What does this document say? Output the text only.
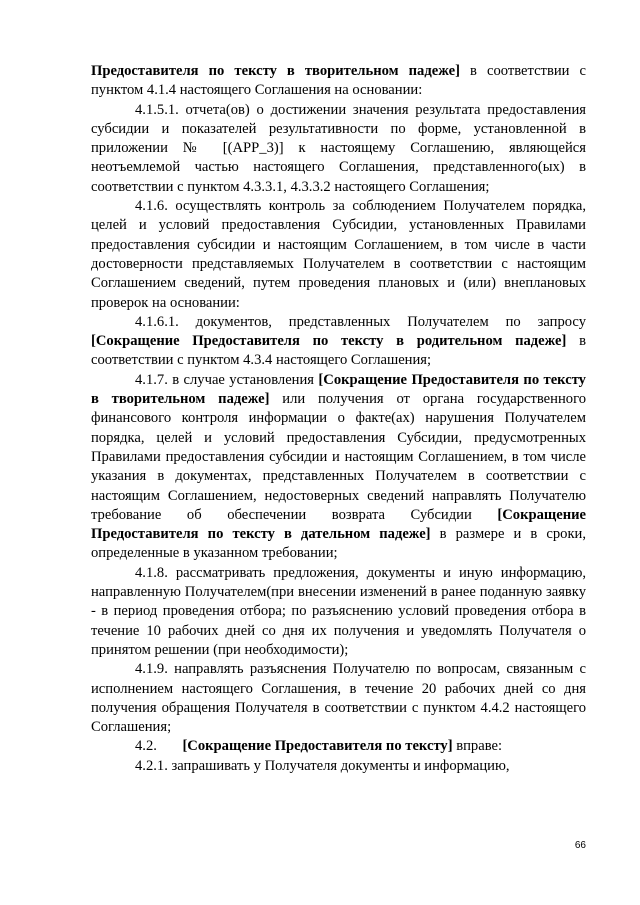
Предоставителя по тексту в творительном падеже] в соответствии с пунктом 4.1.4 настоящего Соглашения на основании:

4.1.5.1. отчета(ов) о достижении значения результата предоставления субсидии и показателей результативности по форме, установленной в приложении № [(APP_3)] к настоящему Соглашению, являющейся неотъемлемой частью настоящего Соглашения, представленного(ых) в соответствии с пунктом 4.3.3.1, 4.3.3.2 настоящего Соглашения;

4.1.6. осуществлять контроль за соблюдением Получателем порядка, целей и условий предоставления Субсидии, установленных Правилами предоставления субсидии и настоящим Соглашением, в том числе в части достоверности представляемых Получателем в соответствии с настоящим Соглашением сведений, путем проведения плановых и (или) внеплановых проверок на основании:

4.1.6.1. документов, представленных Получателем по запросу [Сокращение Предоставителя по тексту в родительном падеже] в соответствии с пунктом 4.3.4 настоящего Соглашения;

4.1.7. в случае установления [Сокращение Предоставителя по тексту в творительном падеже] или получения от органа государственного финансового контроля информации о факте(ах) нарушения Получателем порядка, целей и условий предоставления Субсидии, предусмотренных Правилами предоставления субсидии и настоящим Соглашением, в том числе указания в документах, представленных Получателем в соответствии с настоящим Соглашением, недостоверных сведений направлять Получателю требование об обеспечении возврата Субсидии [Сокращение Предоставителя по тексту в дательном падеже] в размере и в сроки, определенные в указанном требовании;

4.1.8. рассматривать предложения, документы и иную информацию, направленную Получателем(при внесении изменений в ранее поданную заявку - в период проведения отбора; по разъяснению условий проведения отбора в течение 10 рабочих дней со дня их получения и уведомлять Получателя о принятом решении (при необходимости);

4.1.9. направлять разъяснения Получателю по вопросам, связанным с исполнением настоящего Соглашения, в течение 20 рабочих дней со дня получения обращения Получателя в соответствии с пунктом 4.4.2 настоящего Соглашения;

4.2.       [Сокращение Предоставителя по тексту] вправе:

4.2.1. запрашивать у Получателя документы и информацию,

66
